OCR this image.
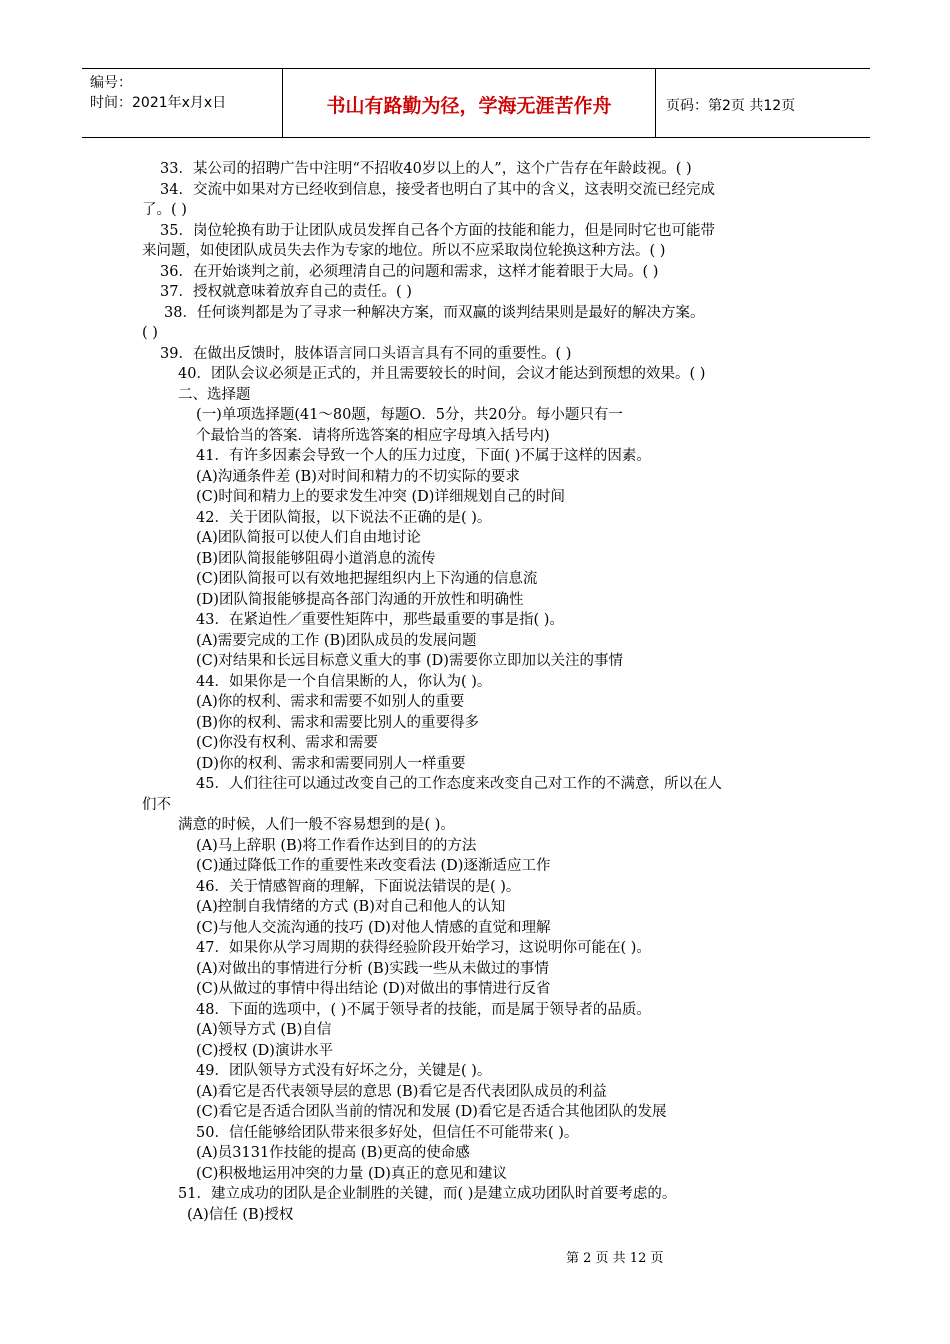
编号：
时间：2021年x月x日	书山有路勤为径，学海无涯苦作舟	页码：第2页 共12页
33．某公司的招聘广告中注明“不招收40岁以上的人”，这个广告存在年龄歧视。( )
34．交流中如果对方已经收到信息，接受者也明白了其中的含义，这表明交流已经完成
了。( )
35．岗位轮换有助于让团队成员发挥自己各个方面的技能和能力，但是同时它也可能带
来问题，如使团队成员失去作为专家的地位。所以不应采取岗位轮换这种方法。( )
36．在开始谈判之前，必须理清自己的问题和需求，这样才能着眼于大局。( )
37．授权就意味着放弃自己的责任。( )
38．任何谈判都是为了寻求一种解决方案，而双赢的谈判结果则是最好的解决方案。
( )
39．在做出反馈时，肢体语言同口头语言具有不同的重要性。( )
40．团队会议必须是正式的，并且需要较长的时间，会议才能达到预想的效果。( )
二、选择题
(一)单项选择题(41～80题，每题O．5分，共20分。每小题只有一
个最恰当的答案．请将所选答案的相应字母填入括号内)
41．有许多因素会导致一个人的压力过度，下面( )不属于这样的因素。
(A)沟通条件差 (B)对时间和精力的不切实际的要求
(C)时间和精力上的要求发生冲突 (D)详细规划自己的时间
42．关于团队简报，以下说法不正确的是( )。
(A)团队简报可以使人们自由地讨论
(B)团队简报能够阻碍小道消息的流传
(C)团队简报可以有效地把握组织内上下沟通的信息流
(D)团队简报能够提高各部门沟通的开放性和明确性
43．在紧迫性／重要性矩阵中，那些最重要的事是指( )。
(A)需要完成的工作 (B)团队成员的发展问题
(C)对结果和长远目标意义重大的事 (D)需要你立即加以关注的事情
44．如果你是一个自信果断的人，你认为( )。
(A)你的权利、需求和需要不如别人的重要
(B)你的权利、需求和需要比别人的重要得多
(C)你没有权利、需求和需要
(D)你的权利、需求和需要同别人一样重要
45．人们往往可以通过改变自己的工作态度来改变自己对工作的不满意，所以在人
们不
满意的时候，人们一般不容易想到的是( )。
(A)马上辞职 (B)将工作看作达到目的的方法
(C)通过降低工作的重要性来改变看法 (D)逐渐适应工作
46．关于情感智商的理解，下面说法错误的是( )。
(A)控制自我情绪的方式 (B)对自己和他人的认知
(C)与他人交流沟通的技巧 (D)对他人情感的直觉和理解
47．如果你从学习周期的获得经验阶段开始学习，这说明你可能在( )。
(A)对做出的事情进行分析 (B)实践一些从未做过的事情
(C)从做过的事情中得出结论 (D)对做出的事情进行反省
48．下面的选项中，( )不属于领导者的技能，而是属于领导者的品质。
(A)领导方式 (B)自信
(C)授权 (D)演讲水平
49．团队领导方式没有好坏之分，关键是( )。
(A)看它是否代表领导层的意思 (B)看它是否代表团队成员的利益
(C)看它是否适合团队当前的情况和发展 (D)看它是否适合其他团队的发展
50．信任能够给团队带来很多好处，但信任不可能带来( )。
(A)员3131作技能的提高 (B)更高的使命感
(C)积极地运用冲突的力量 (D)真正的意见和建议
51．建立成功的团队是企业制胜的关键，而( )是建立成功团队时首要考虑的。
(A)信任 (B)授权
第 2 页 共 12 页
